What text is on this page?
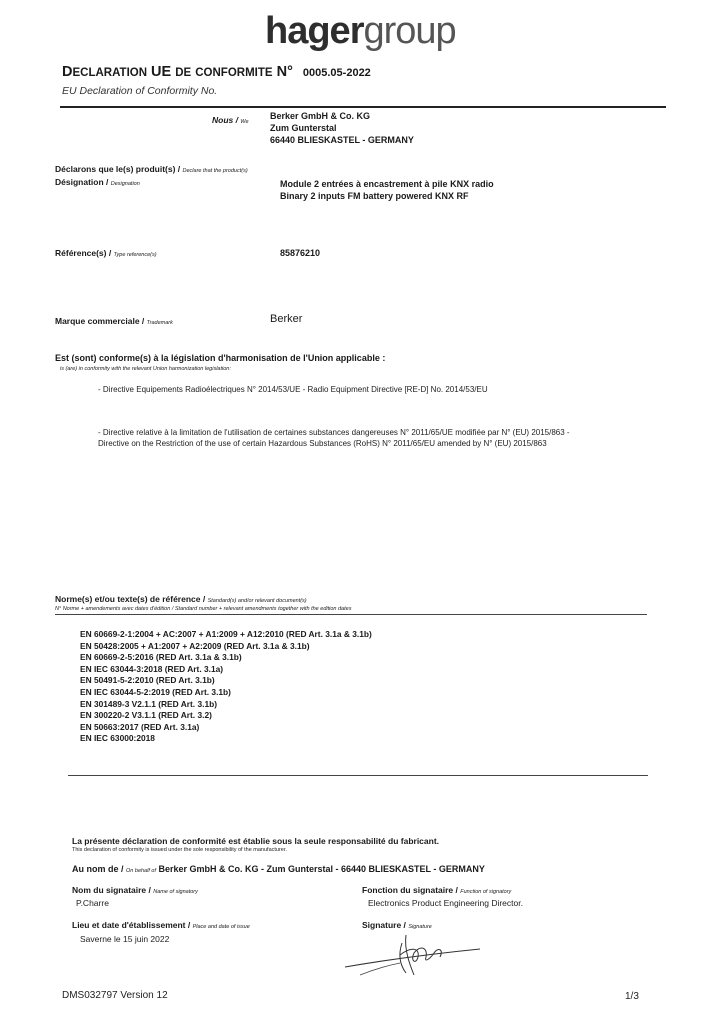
hagergroup
DECLARATION UE DE CONFORMITE N° 0005.05-2022
EU Declaration of Conformity No.
Nous / We
Berker GmbH & Co. KG
Zum Gunterstal
66440 BLIESKASTEL - GERMANY
Déclarons que le(s) produit(s) / Declare that the product(s)
Désignation / Designation	Module 2 entrées à encastrement à pile KNX radio
Binary 2 inputs FM battery powered KNX RF
Référence(s) / Type reference(s)	85876210
Marque commerciale / Trademark	Berker
Est (sont) conforme(s) à la législation d'harmonisation de l'Union applicable :
is (are) in conformity with the relevant Union harmonization legislation:
- Directive Equipements Radioélectriques N° 2014/53/UE - Radio Equipment Directive [RE-D] No. 2014/53/EU
- Directive relative à la limitation de l'utilisation de certaines substances dangereuses N° 2011/65/UE modifiée par N° (EU) 2015/863 -
Directive on the Restriction of the use of certain Hazardous Substances (RoHS) N° 2011/65/EU amended by N° (EU) 2015/863
Norme(s) et/ou texte(s) de référence / Standard(s) and/or relevant document(s)
N° Norme + amendements avec dates d'édition / Standard number + relevant amendments together with the edition dates
EN 60669-2-1:2004 + AC:2007 + A1:2009 + A12:2010 (RED Art. 3.1a & 3.1b)
EN 50428:2005 + A1:2007 + A2:2009 (RED Art. 3.1a & 3.1b)
EN 60669-2-5:2016 (RED Art. 3.1a & 3.1b)
EN IEC 63044-3:2018 (RED Art. 3.1a)
EN 50491-5-2:2010 (RED Art. 3.1b)
EN IEC 63044-5-2:2019 (RED Art. 3.1b)
EN 301489-3 V2.1.1 (RED Art. 3.1b)
EN 300220-2 V3.1.1 (RED Art. 3.2)
EN 50663:2017 (RED Art. 3.1a)
EN IEC 63000:2018
La présente déclaration de conformité est établie sous la seule responsabilité du fabricant.
This declaration of conformity is issued under the sole responsibility of the manufacturer.
Au nom de / On behalf of Berker GmbH & Co. KG - Zum Gunterstal - 66440 BLIESKASTEL - GERMANY
Nom du signataire / Name of signatory
P.Charre
Fonction du signataire / Function of signatory
Electronics Product Engineering Director.
Lieu et date d'établissement / Place and date of issue
Saverne le 15 juin 2022
Signature / Signature
DMS032797 Version 12	1/3
